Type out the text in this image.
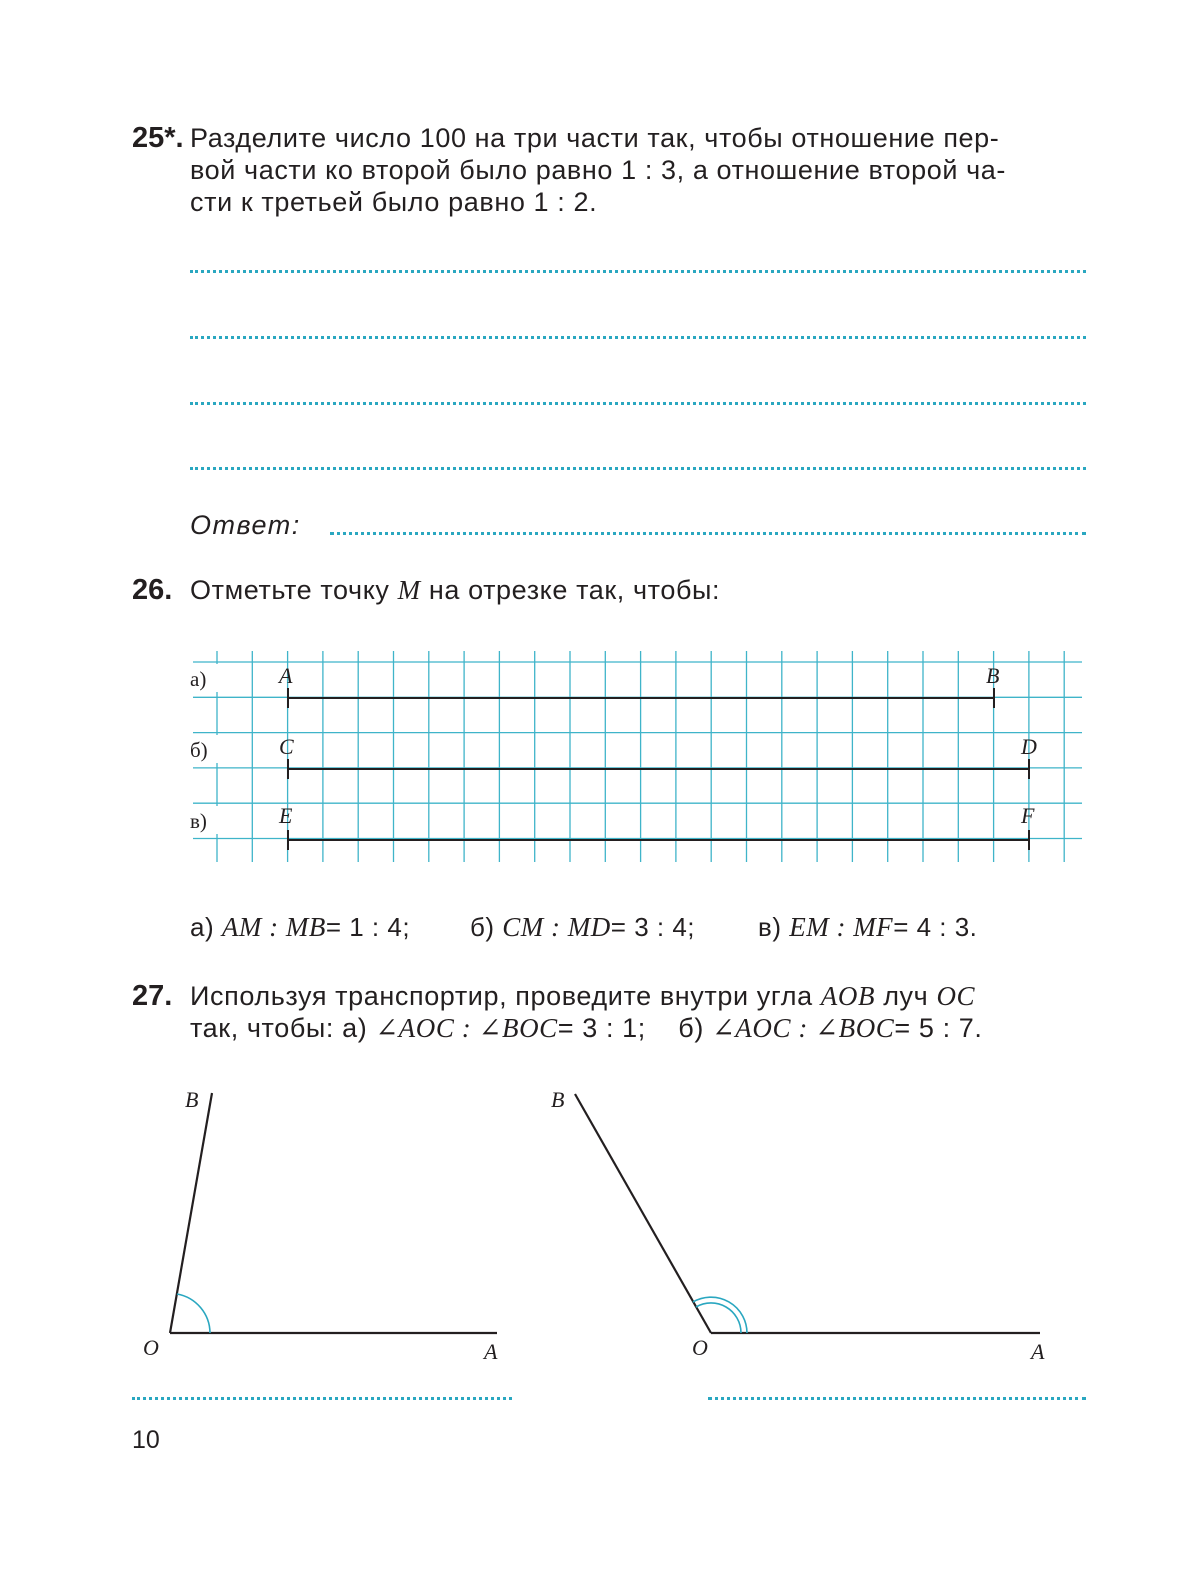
25*. Разделите число 100 на три части так, чтобы отношение пер-
вой части ко второй было равно 1 : 3, а отношение второй ча-
сти к третьей было равно 1 : 2.
Ответ:
26. Отметьте точку M на отрезке так, чтобы:
а)
б)
в)
A	B
C	D
E	F
B
O	A
B
O	A
а) AM : MB= 1 : 4; б) CM : MD= 3 : 4; в) EM : MF= 4 : 3.
27. Используя транспортир, проведите внутри угла AOB луч OC
так, чтобы: а) ∠AOC : ∠BOC= 3 : 1; б) ∠AOC : ∠BOC= 5 : 7.
10
